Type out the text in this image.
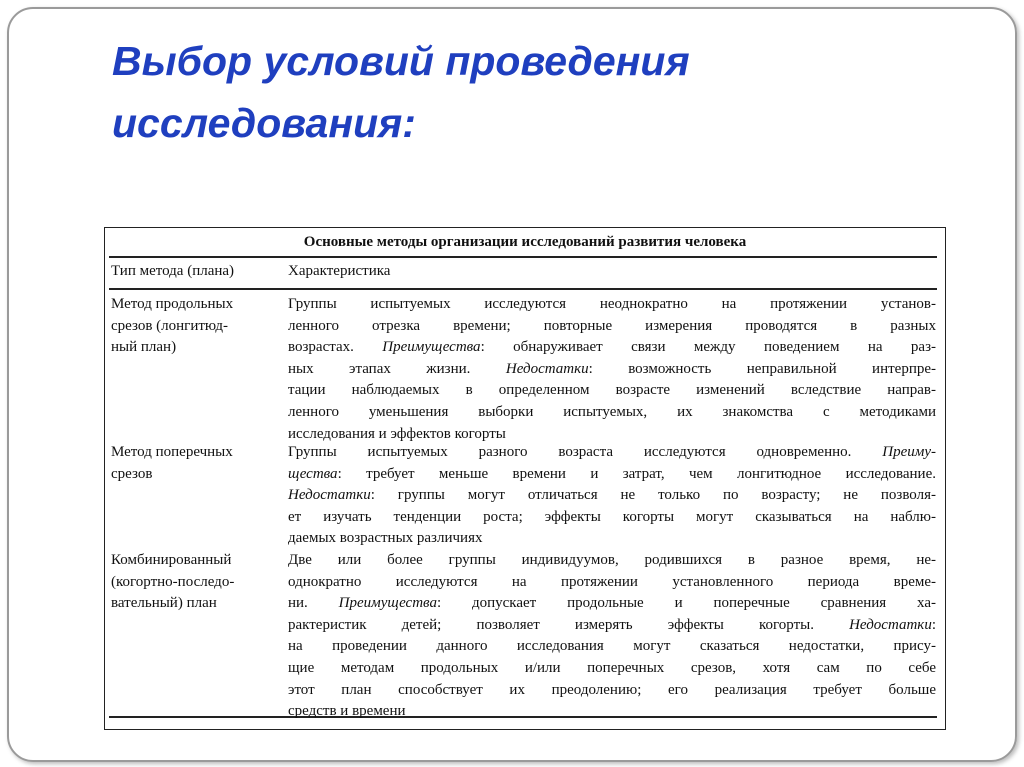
Выбор условий проведения
исследования:
Основные методы организации исследований развития человека
Тип метода (плана)	Характеристика
Метод продольных
срезов (лонгитюд-
ный план)
Группы испытуемых исследуются неоднократно на протяжении установ-
ленного отрезка времени; повторные измерения проводятся в разных
возрастах. Преимущества: обнаруживает связи между поведением на раз-
ных этапах жизни. Недостатки: возможность неправильной интерпре-
тации наблюдаемых в определенном возрасте изменений вследствие направ-
ленного уменьшения выборки испытуемых, их знакомства с методиками
исследования и эффектов когорты
Метод поперечных
срезов
Группы испытуемых разного возраста исследуются одновременно. Преиму-
щества: требует меньше времени и затрат, чем лонгитюдное исследование.
Недостатки: группы могут отличаться не только по возрасту; не позволя-
ет изучать тенденции роста; эффекты когорты могут сказываться на наблю-
даемых возрастных различиях
Комбинированный
(когортно-последо-
вательный) план
Две или более группы индивидуумов, родившихся в разное время, не-
однократно исследуются на протяжении установленного периода време-
ни. Преимущества: допускает продольные и поперечные сравнения ха-
рактеристик детей; позволяет измерять эффекты когорты. Недостатки:
на проведении данного исследования могут сказаться недостатки, прису-
щие методам продольных и/или поперечных срезов, хотя сам по себе
этот план способствует их преодолению; его реализация требует больше
средств и времени
